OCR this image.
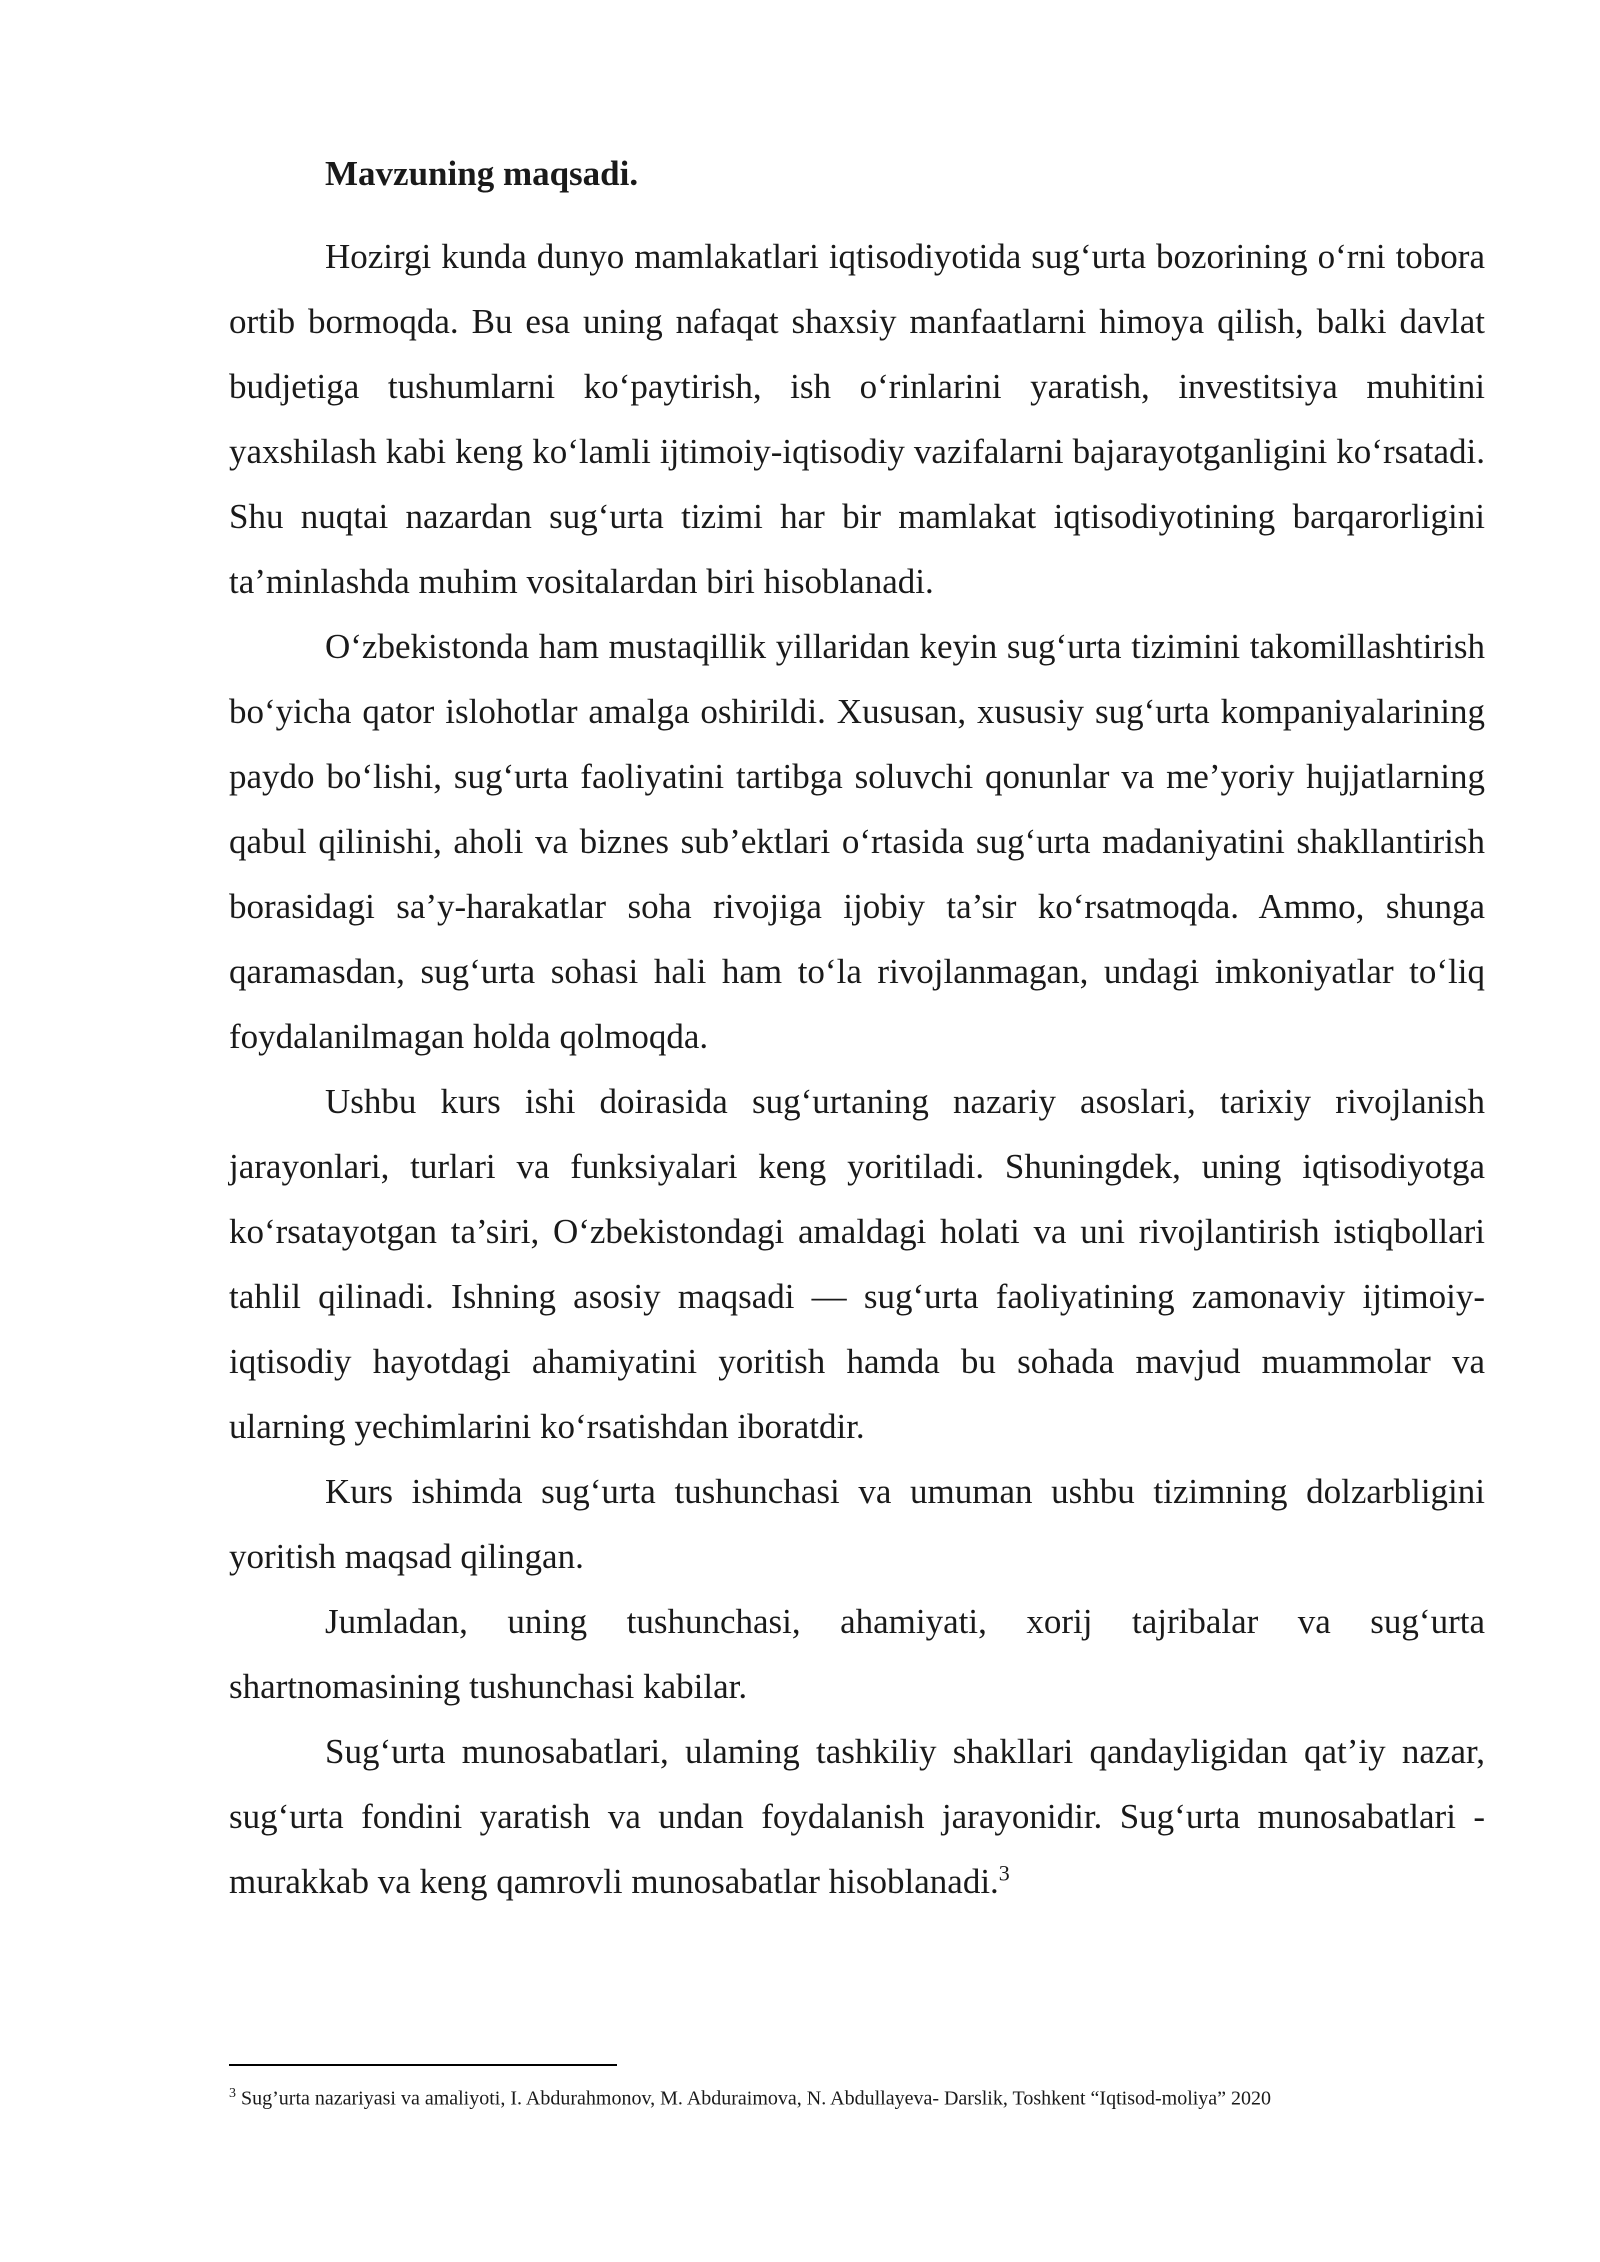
Mavzuning maqsadi.

Hozirgi kunda dunyo mamlakatlari iqtisodiyotida sug‘urta bozorining o‘rni tobora ortib bormoqda. Bu esa uning nafaqat shaxsiy manfaatlarni himoya qilish, balki davlat budjetiga tushumlarni ko‘paytirish, ish o‘rinlarini yaratish, investitsiya muhitini yaxshilash kabi keng ko‘lamli ijtimoiy-iqtisodiy vazifalarni bajarayotganligini ko‘rsatadi. Shu nuqtai nazardan sug‘urta tizimi har bir mamlakat iqtisodiyotining barqarorligini ta’minlashda muhim vositalardan biri hisoblanadi.

O‘zbekistonda ham mustaqillik yillaridan keyin sug‘urta tizimini takomillashtirish bo‘yicha qator islohotlar amalga oshirildi. Xususan, xususiy sug‘urta kompaniyalarining paydo bo‘lishi, sug‘urta faoliyatini tartibga soluvchi qonunlar va me’yoriy hujjatlarning qabul qilinishi, aholi va biznes sub’ektlari o‘rtasida sug‘urta madaniyatini shakllantirish borasidagi sa’y-harakatlar soha rivojiga ijobiy ta’sir ko‘rsatmoqda. Ammo, shunga qaramasdan, sug‘urta sohasi hali ham to‘la rivojlanmagan, undagi imkoniyatlar to‘liq foydalanilmagan holda qolmoqda.

Ushbu kurs ishi doirasida sug‘urtaning nazariy asoslari, tarixiy rivojlanish jarayonlari, turlari va funksiyalari keng yoritiladi. Shuningdek, uning iqtisodiyotga ko‘rsatayotgan ta’siri, O‘zbekistondagi amaldagi holati va uni rivojlantirish istiqbollari tahlil qilinadi. Ishning asosiy maqsadi — sug‘urta faoliyatining zamonaviy ijtimoiy-iqtisodiy hayotdagi ahamiyatini yoritish hamda bu sohada mavjud muammolar va ularning yechimlarini ko‘rsatishdan iboratdir.

Kurs ishimda sug‘urta tushunchasi va umuman ushbu tizimning dolzarbligini yoritish maqsad qilingan.

Jumladan, uning tushunchasi, ahamiyati, xorij tajribalar va sug‘urta shartnomasining tushunchasi kabilar.

Sug‘urta munosabatlari, ulaming tashkiliy shakllari qandayligidan qat’iy nazar, sug‘urta fondini yaratish va undan foydalanish jarayonidir. Sug‘urta munosabatlari - murakkab va keng qamrovli munosabatlar hisoblanadi.$^3$

$^3$ Sug’urta nazariyasi va amaliyoti, I. Abdurahmonov, M. Abduraimova, N. Abdullayeva- Darslik, Toshkent “Iqtisod-moliya” 2020
